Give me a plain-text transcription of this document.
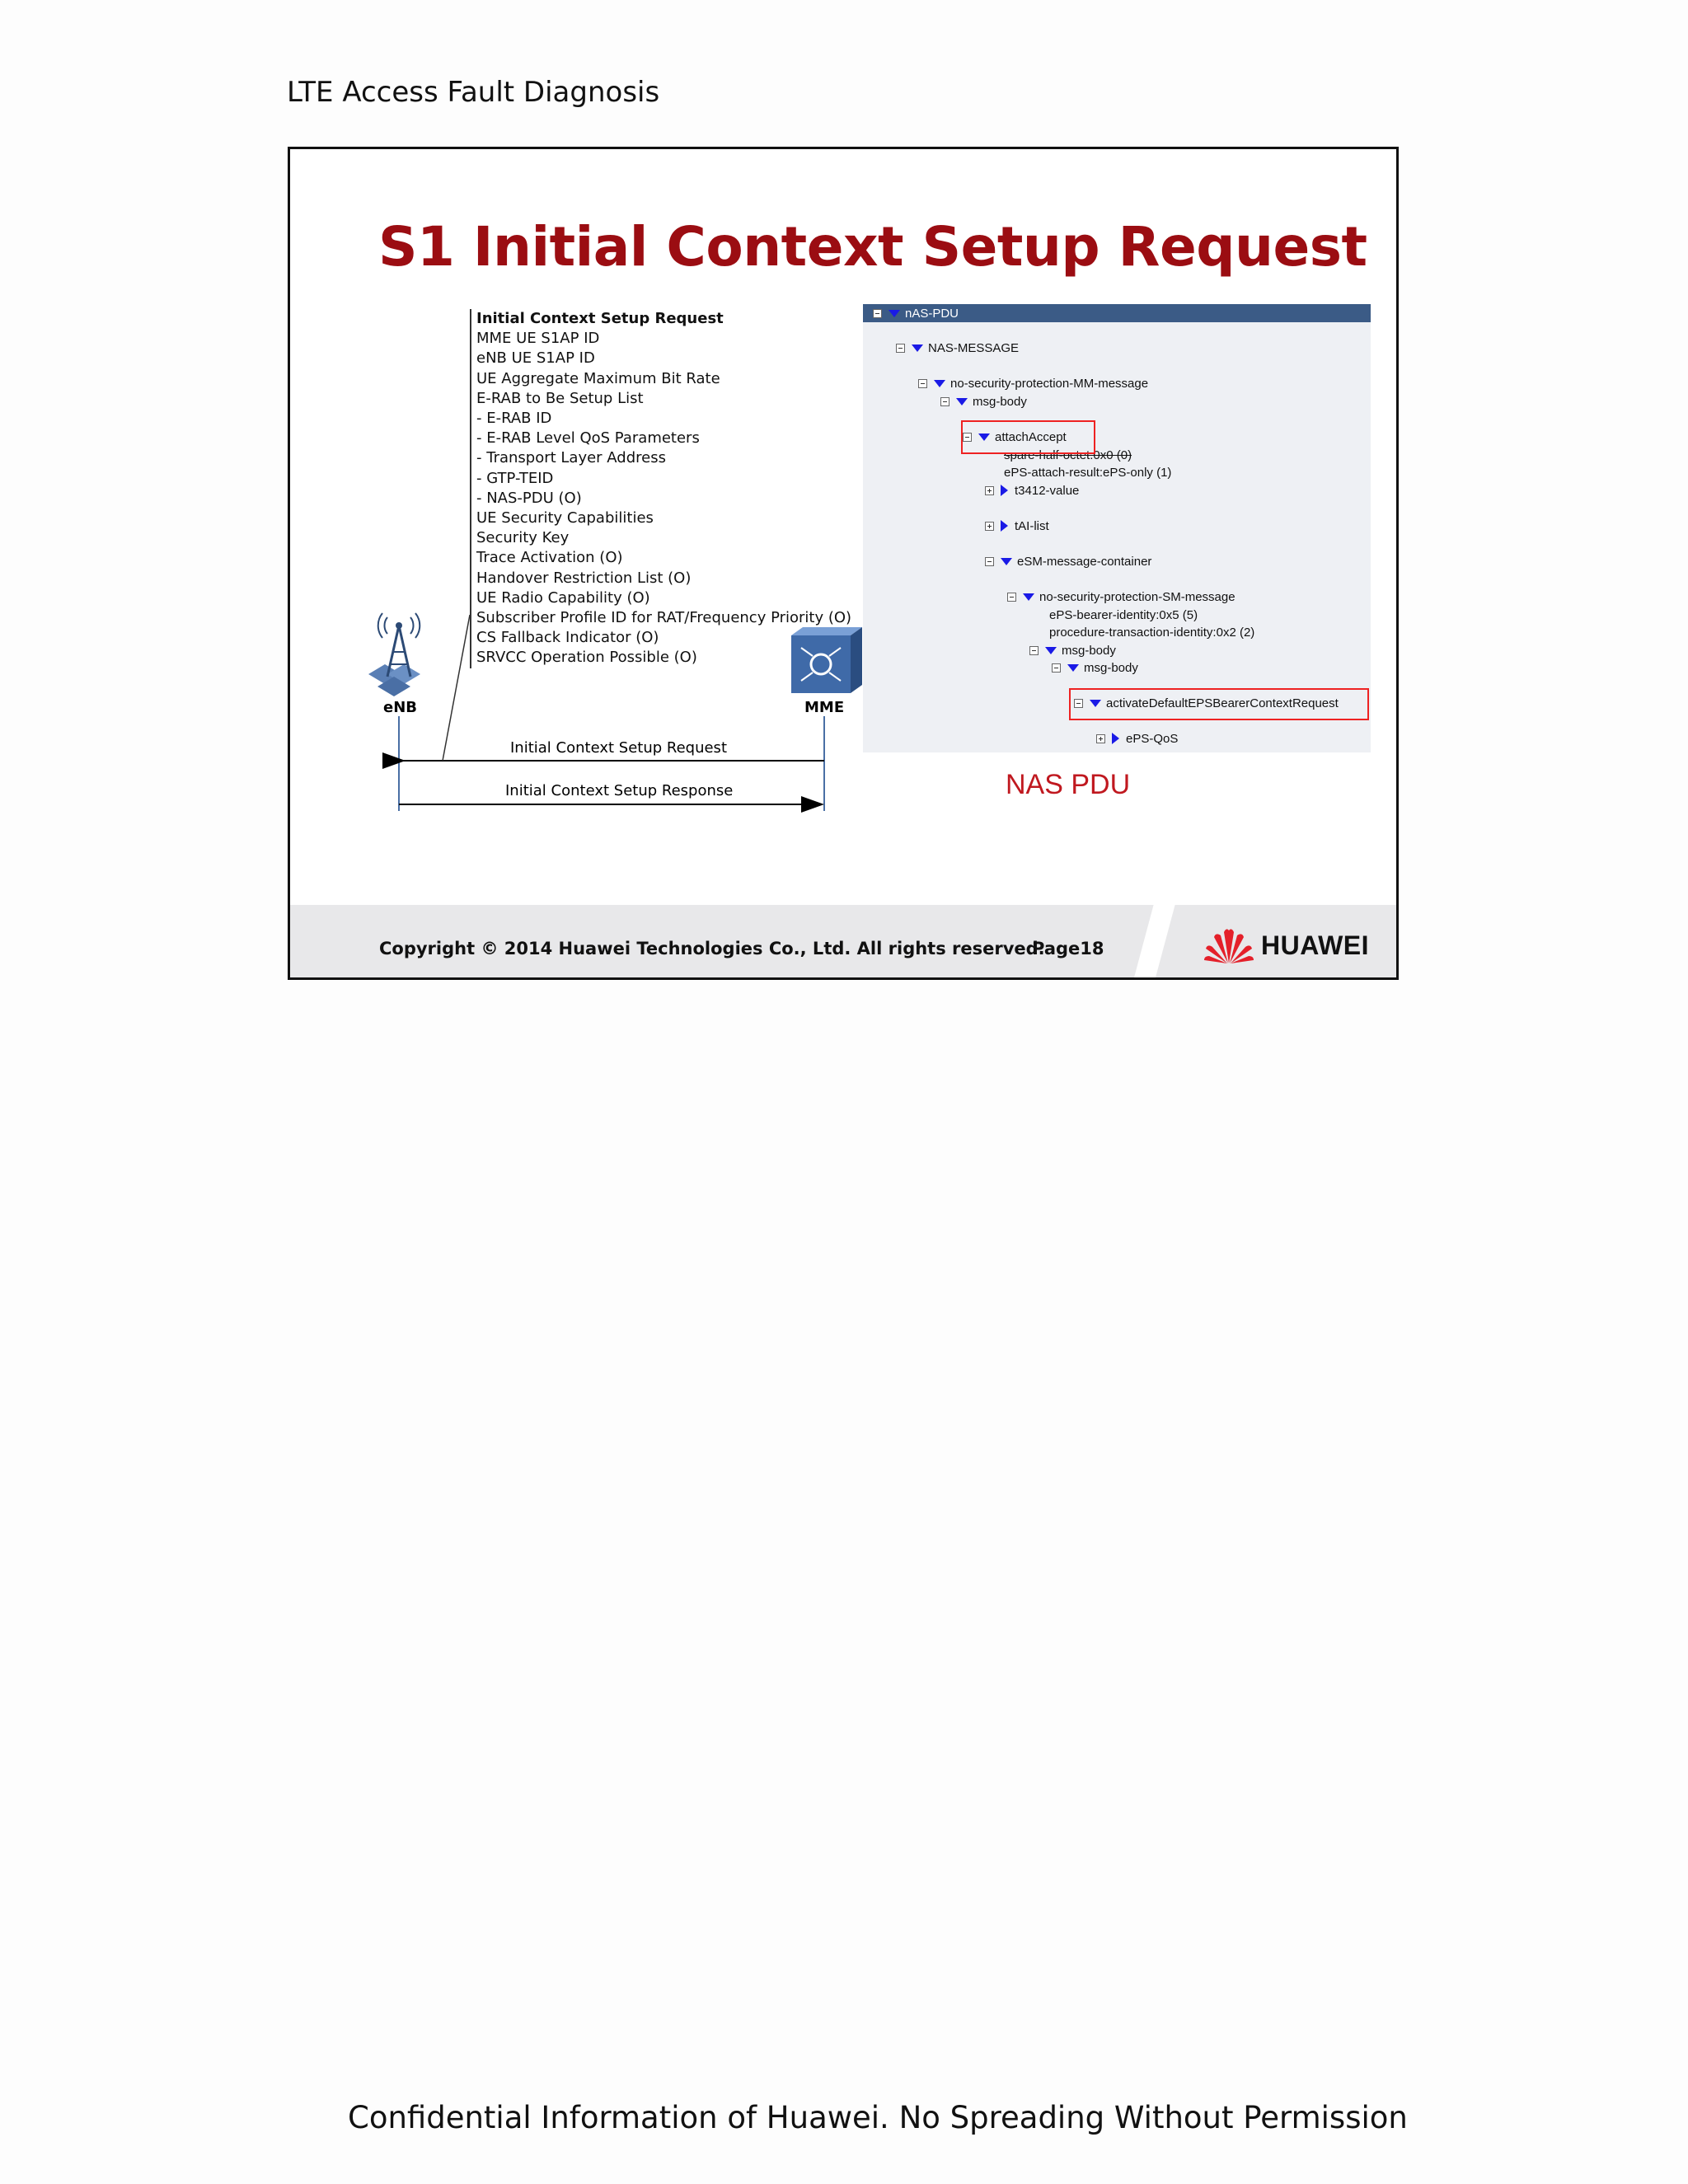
LTE Access Fault Diagnosis
S1 Initial Context Setup Request
Initial Context Setup Request
MME UE S1AP ID
eNB UE S1AP ID
UE Aggregate Maximum Bit Rate
E-RAB to Be Setup List
- E-RAB ID
- E-RAB Level QoS Parameters
- Transport Layer Address
- GTP-TEID
- NAS-PDU (O)
UE Security Capabilities
Security Key
Trace Activation (O)
Handover Restriction List (O)
UE Radio Capability (O)
Subscriber Profile ID for RAT/Frequency Priority (O)
CS Fallback Indicator (O)
SRVCC Operation Possible (O)
eNB	MME
Initial Context Setup Request
Initial Context Setup Response
nAS-PDU
NAS-MESSAGE
no-security-protection-MM-message
msg-body
attachAccept
spare-half-octet:0x0 (0)
ePS-attach-result:ePS-only (1)
t3412-value
tAI-list
eSM-message-container
no-security-protection-SM-message
ePS-bearer-identity:0x5 (5)
procedure-transaction-identity:0x2 (2)
msg-body
msg-body
activateDefaultEPSBearerContextRequest
ePS-QoS
NAS PDU
Copyright © 2014 Huawei Technologies Co., Ltd. All rights reserved.
Page18	HUAWEI
Confidential Information of Huawei. No Spreading Without Permission
